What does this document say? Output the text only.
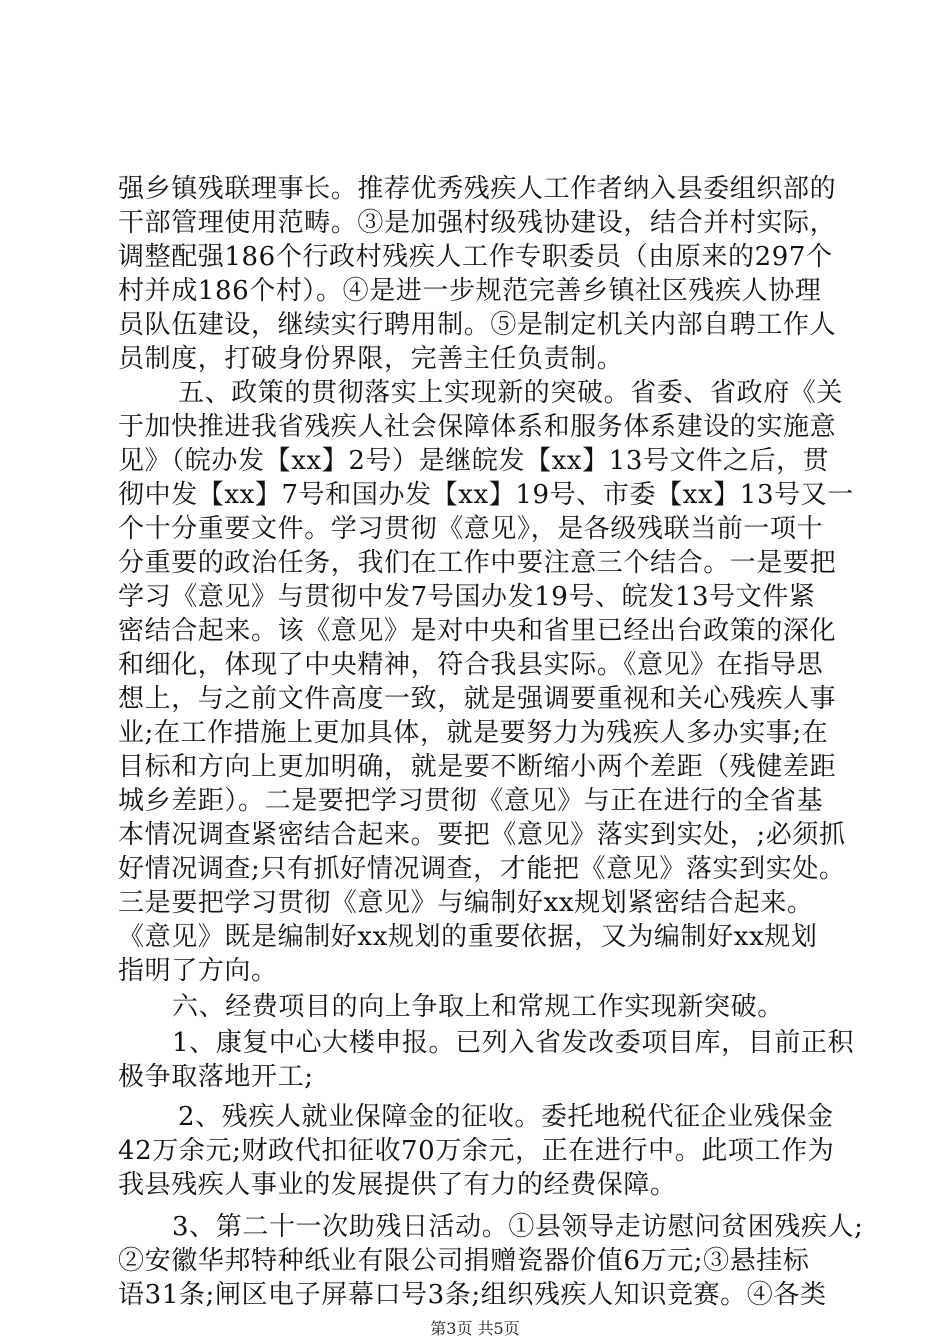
强乡镇残联理事长。推荐优秀残疾人工作者纳入县委组织部的
干部管理使用范畴。③是加强村级残协建设，结合并村实际，
调整配强186个行政村残疾人工作专职委员（由原来的297个
村并成186个村）。④是进一步规范完善乡镇社区残疾人协理
员队伍建设，继续实行聘用制。⑤是制定机关内部自聘工作人
员制度，打破身份界限，完善主任负责制。
五、政策的贯彻落实上实现新的突破。省委、省政府《关
于加快推进我省残疾人社会保障体系和服务体系建设的实施意
见》（皖办发【xx】2号）是继皖发【xx】13号文件之后，贯
彻中发【xx】7号和国办发【xx】19号、市委【xx】13号又一
个十分重要文件。学习贯彻《意见》，是各级残联当前一项十
分重要的政治任务，我们在工作中要注意三个结合。一是要把
学习《意见》与贯彻中发7号国办发19号、皖发13号文件紧
密结合起来。该《意见》是对中央和省里已经出台政策的深化
和细化，体现了中央精神，符合我县实际。《意见》在指导思
想上，与之前文件高度一致，就是强调要重视和关心残疾人事
业;在工作措施上更加具体，就是要努力为残疾人多办实事;在
目标和方向上更加明确，就是要不断缩小两个差距（残健差距
城乡差距）。二是要把学习贯彻《意见》与正在进行的全省基
本情况调查紧密结合起来。要把《意见》落实到实处，;必须抓
好情况调查;只有抓好情况调查，才能把《意见》落实到实处。
三是要把学习贯彻《意见》与编制好xx规划紧密结合起来。
《意见》既是编制好xx规划的重要依据，又为编制好xx规划
指明了方向。
六、经费项目的向上争取上和常规工作实现新突破。
1、康复中心大楼申报。已列入省发改委项目库，目前正积
极争取落地开工;
2、残疾人就业保障金的征收。委托地税代征企业残保金
42万余元;财政代扣征收70万余元，正在进行中。此项工作为
我县残疾人事业的发展提供了有力的经费保障。
3、第二十一次助残日活动。①县领导走访慰问贫困残疾人;
②安徽华邦特种纸业有限公司捐赠瓷器价值6万元;③悬挂标
语31条;闸区电子屏幕口号3条;组织残疾人知识竞赛。④各类
第3页 共5页
